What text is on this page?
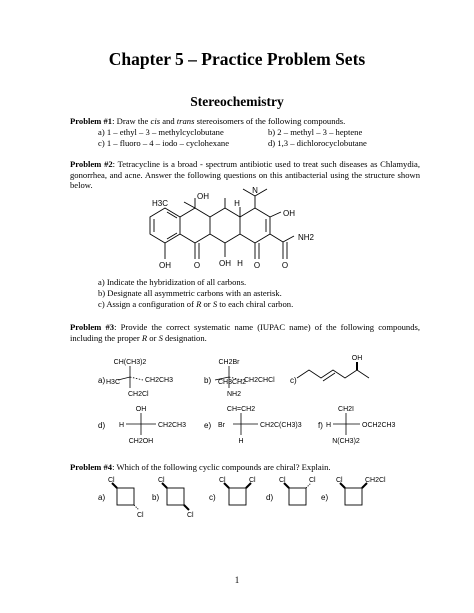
Chapter 5 – Practice Problem Sets
Stereochemistry
Problem #1: Draw the cis and trans stereoisomers of the following compounds.
a) 1 – ethyl – 3 – methylcyclobutane	b) 2 – methyl – 3 – heptene
c) 1 – fluoro – 4 – iodo – cyclohexane	d) 1,3 – dichlorocyclobutane
Problem #2: Tetracycline is a broad - spectrum antibiotic used to treat such diseases as Chlamydia, gonorrhea, and acne. Answer the following questions on this antibacterial using the structure shown below.
H3C
OH
H
N
OH
NH2
OH	O OH H O	O
a) Indicate the hybridization of all carbons.
b) Designate all asymmetric carbons with an asterisk.
c) Assign a configuration of R or S to each chiral carbon.
Problem #3: Provide the correct systematic name (IUPAC name) of the following compounds, including the proper R or S designation.
a)
CH(CH3)2
H3C	CH2CH3
CH2Cl
b)
CH2Br
CH3CH2
CH2CHCl
NH2
c)
OH
d)
OH
H	CH2CH3
CH2OH
e)
CH=CH2
Br	CH2C(CH3)3
H
f)
CH2I
H	OCH2CH3
N(CH3)2
Problem #4: Which of the following cyclic compounds are chiral? Explain.
a)
Cl
Cl
b)
Cl
Cl
c)
Cl	Cl
d)
Cl	Cl
e)
Cl	CH2Cl
1
